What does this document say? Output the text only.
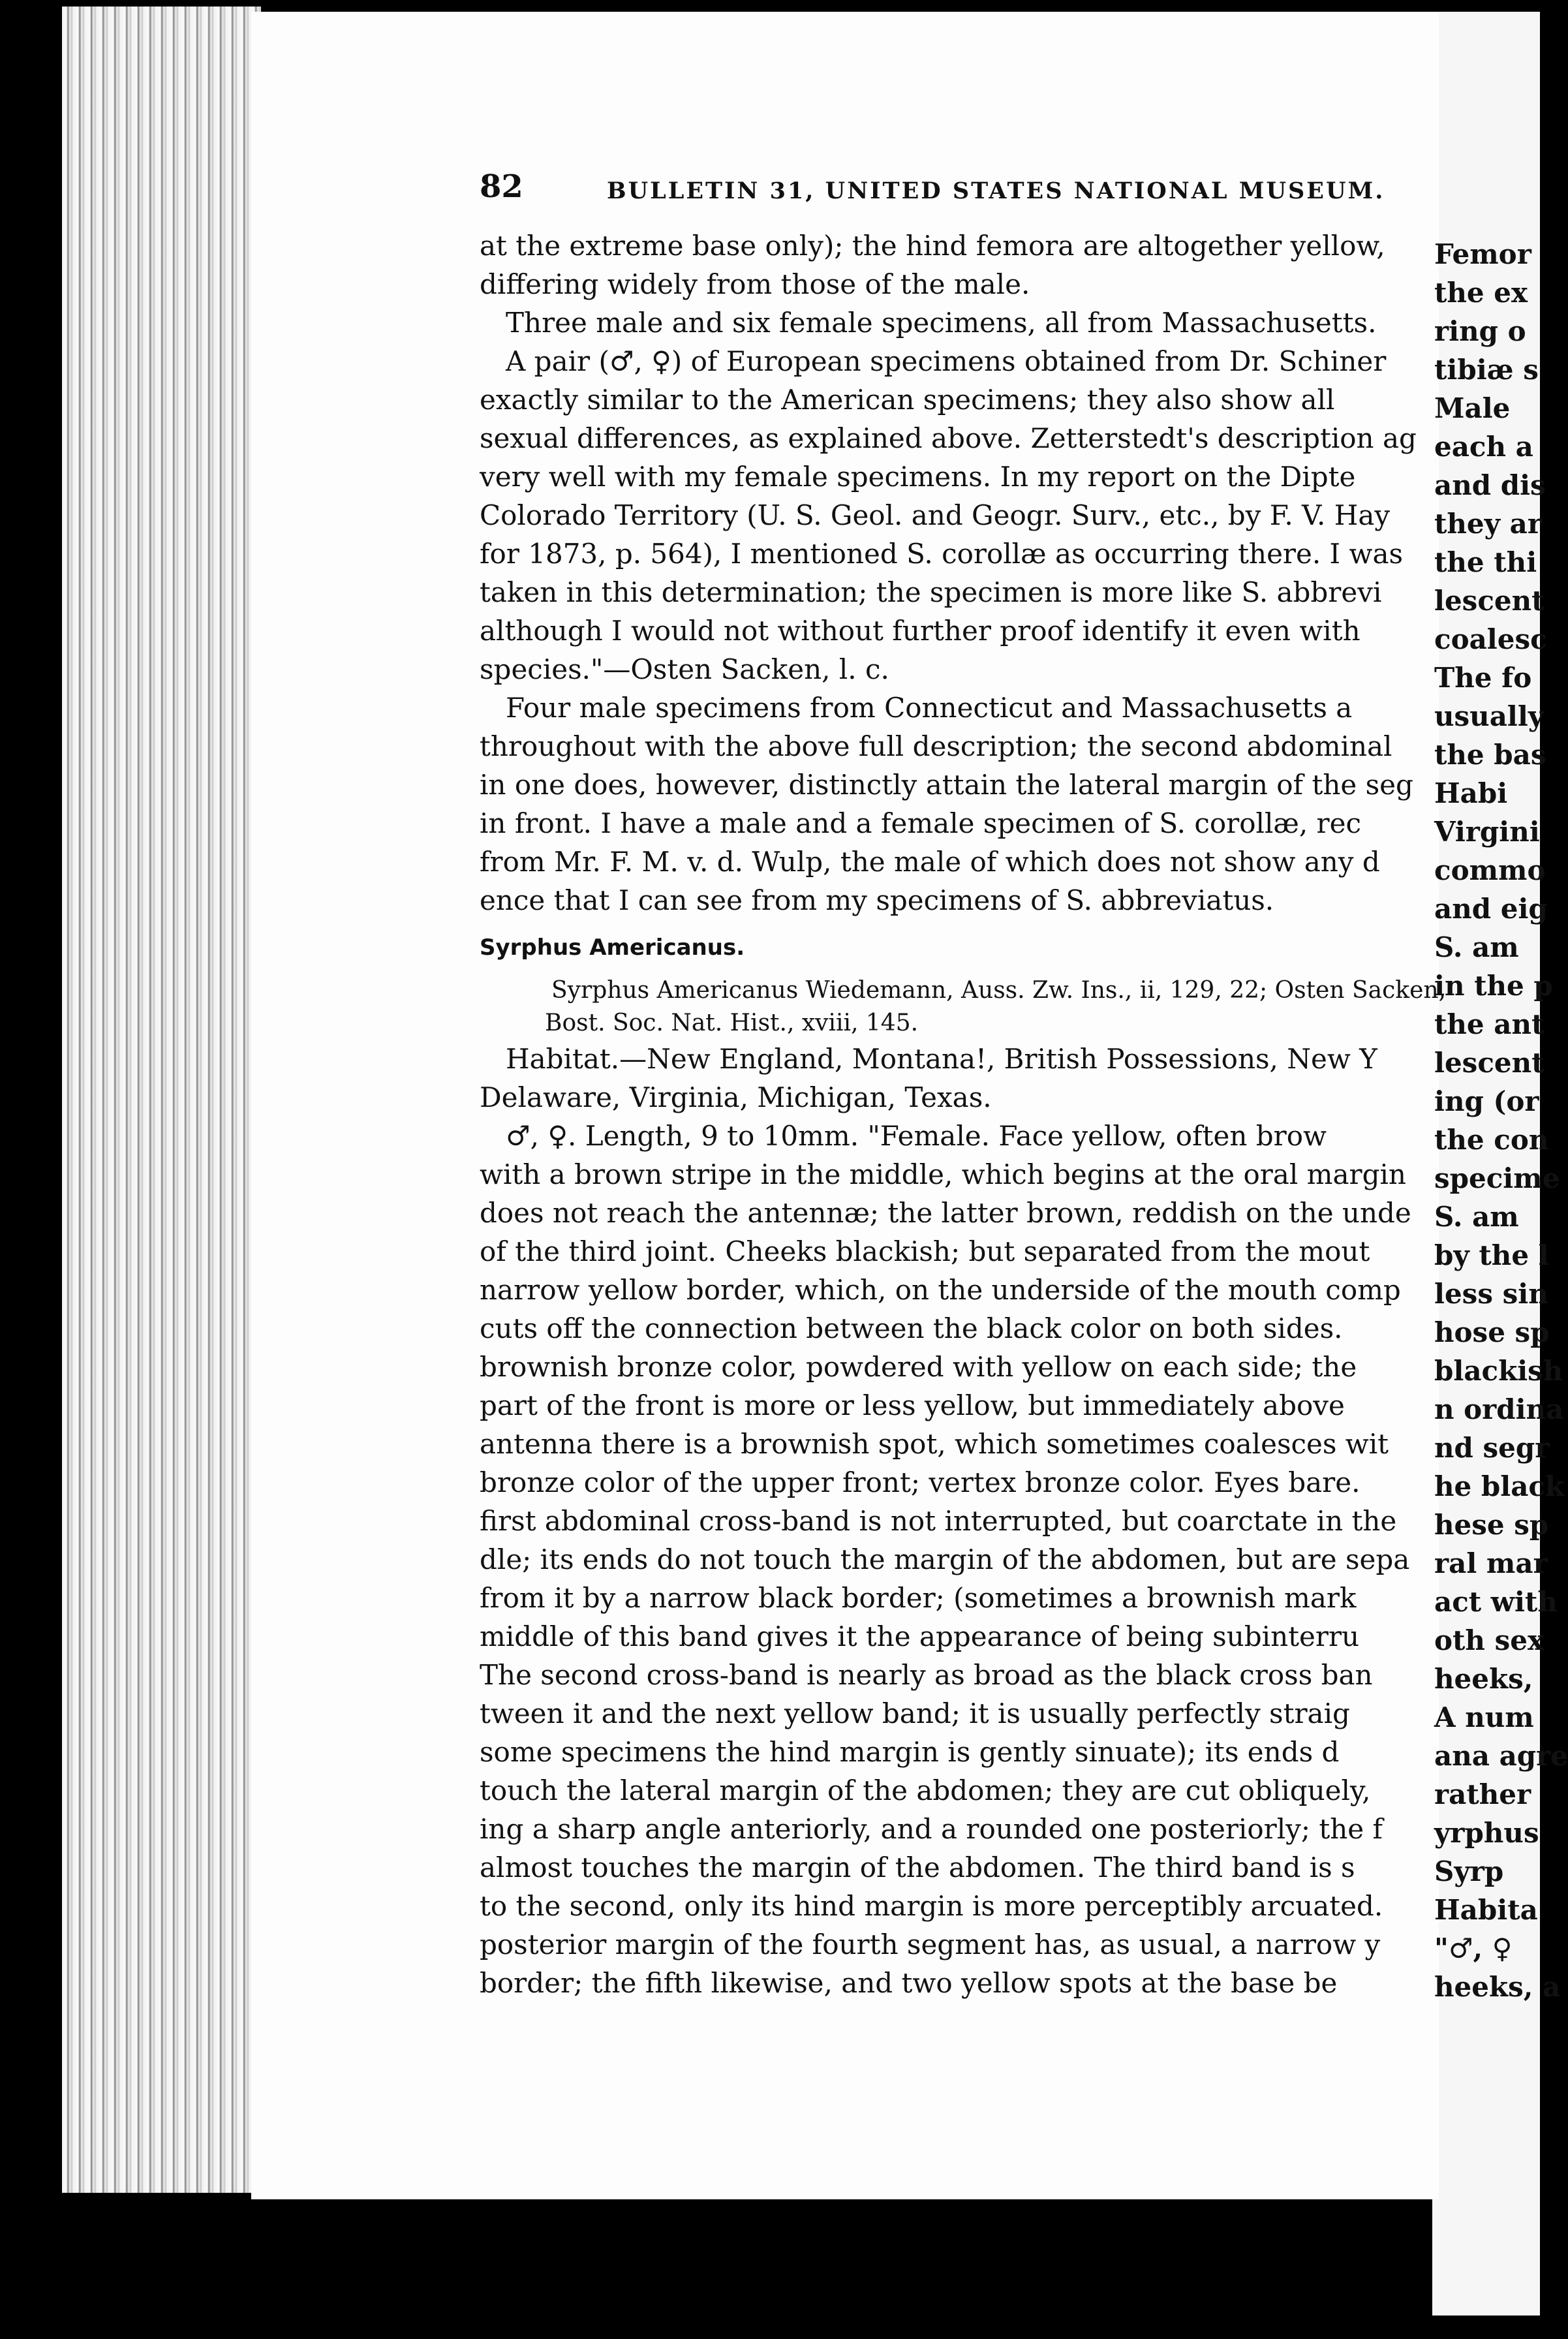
82	BULLETIN 31, UNITED STATES NATIONAL MUSEUM.
at the extreme base only); the hind femora are altogether yellow,
differing widely from those of the male.
Three male and six female specimens, all from Massachusetts.
A pair (♂, ♀) of European specimens obtained from Dr. Schiner
exactly similar to the American specimens; they also show all
sexual differences, as explained above. Zetterstedt's description ag
very well with my female specimens. In my report on the Dipte
Colorado Territory (U. S. Geol. and Geogr. Surv., etc., by F. V. Hay
for 1873, p. 564), I mentioned S. corollæ as occurring there. I was
taken in this determination; the specimen is more like S. abbrevi
although I would not without further proof identify it even with
species."—Osten Sacken, l. c.
Four male specimens from Connecticut and Massachusetts a
throughout with the above full description; the second abdominal
in one does, however, distinctly attain the lateral margin of the seg
in front. I have a male and a female specimen of S. corollæ, rec
from Mr. F. M. v. d. Wulp, the male of which does not show any d
ence that I can see from my specimens of S. abbreviatus.
Syrphus Americanus.
Syrphus Americanus Wiedemann, Auss. Zw. Ins., ii, 129, 22; Osten Sacken,
Bost. Soc. Nat. Hist., xviii, 145.
Habitat.—New England, Montana!, British Possessions, New Y
Delaware, Virginia, Michigan, Texas.
♂, ♀. Length, 9 to 10mm. "Female. Face yellow, often brow
with a brown stripe in the middle, which begins at the oral margin
does not reach the antennæ; the latter brown, reddish on the unde
of the third joint. Cheeks blackish; but separated from the mout
narrow yellow border, which, on the underside of the mouth comp
cuts off the connection between the black color on both sides.
brownish bronze color, powdered with yellow on each side; the
part of the front is more or less yellow, but immediately above
antenna there is a brownish spot, which sometimes coalesces wit
bronze color of the upper front; vertex bronze color. Eyes bare.
first abdominal cross-band is not interrupted, but coarctate in the
dle; its ends do not touch the margin of the abdomen, but are sepa
from it by a narrow black border; (sometimes a brownish mark
middle of this band gives it the appearance of being subinterru
The second cross-band is nearly as broad as the black cross ban
tween it and the next yellow band; it is usually perfectly straig
some specimens the hind margin is gently sinuate); its ends d
touch the lateral margin of the abdomen; they are cut obliquely,
ing a sharp angle anteriorly, and a rounded one posteriorly; the f
almost touches the margin of the abdomen. The third band is s
to the second, only its hind margin is more perceptibly arcuated.
posterior margin of the fourth segment has, as usual, a narrow y
border; the fifth likewise, and two yellow spots at the base be
Femor
the ex
ring o
tibiæ s
Male
each a
and dis
they ar
the thi
lescent
coalesc
The fo
usually
the bas
Habi
Virgini
commo
and eig
S. am
in the p
the ant
lescent
ing (or
the con
specime
S. am
by the l
less sin
hose sp
blackish
n ordina
nd segr
he black
hese sp
ral mar
act with
oth sex
heeks,
A num
ana agre
rather
yrphus
Syrp
Habita
"♂, ♀
heeks, a
